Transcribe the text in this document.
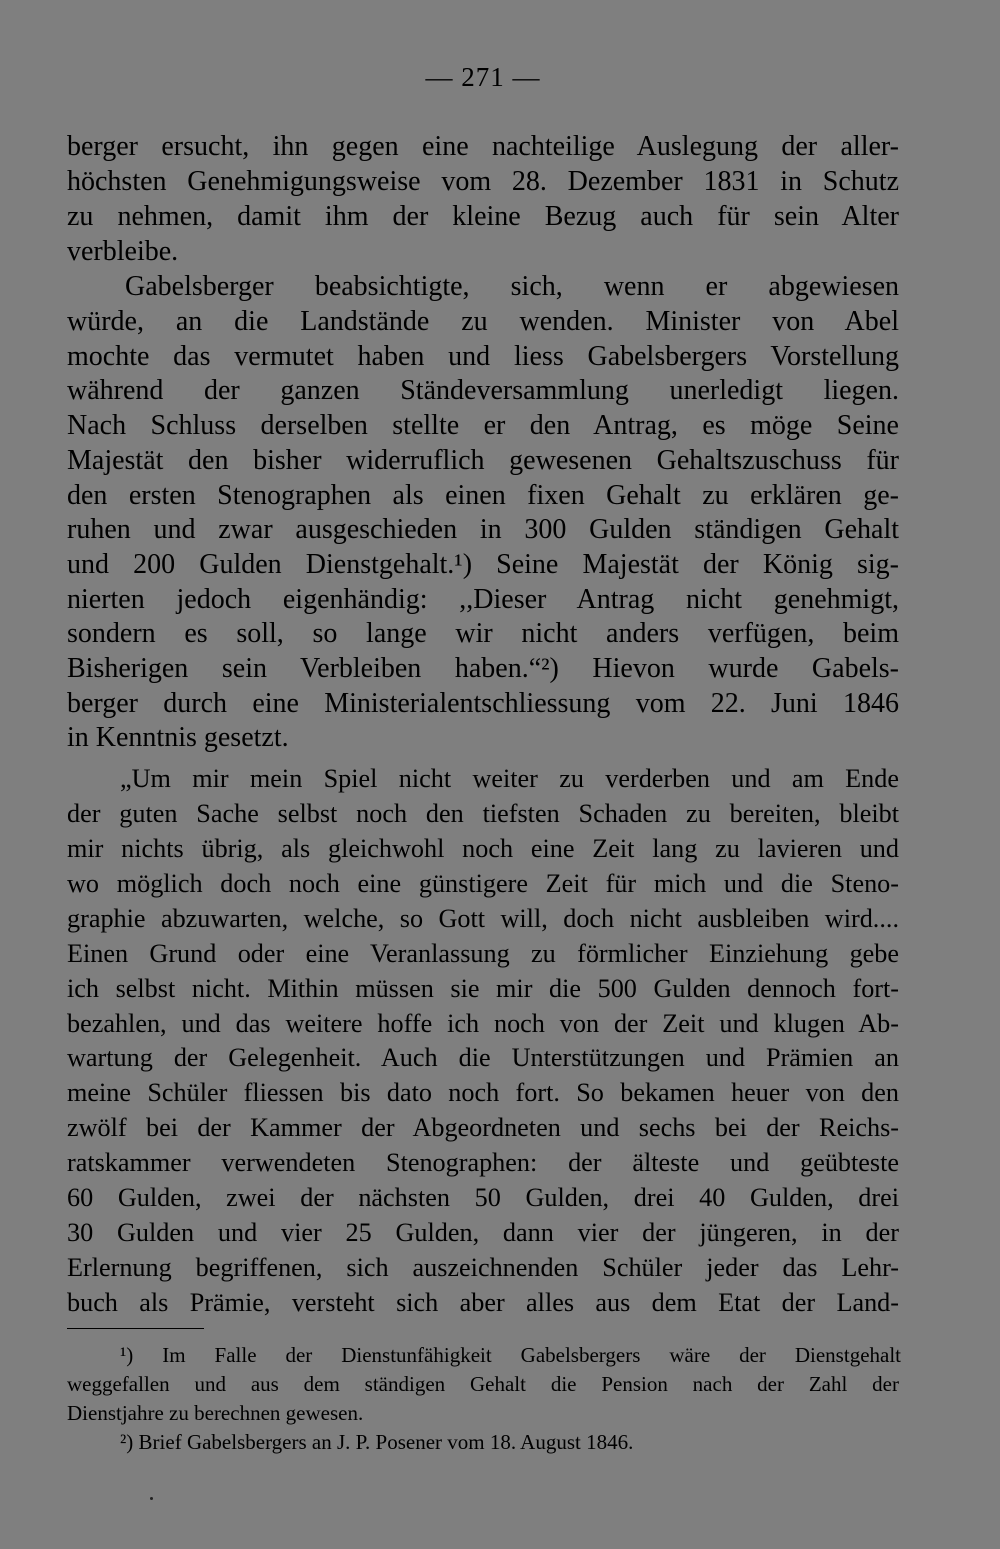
— 271 —
berger ersucht, ihn gegen eine nachteilige Auslegung der aller-
höchsten Genehmigungsweise vom 28. Dezember 1831 in Schutz
zu nehmen, damit ihm der kleine Bezug auch für sein Alter
verbleibe.
Gabelsberger beabsichtigte, sich, wenn er abgewiesen
würde, an die Landstände zu wenden. Minister von Abel
mochte das vermutet haben und liess Gabelsbergers Vorstellung
während der ganzen Ständeversammlung unerledigt liegen.
Nach Schluss derselben stellte er den Antrag, es möge Seine
Majestät den bisher widerruflich gewesenen Gehaltszuschuss für
den ersten Stenographen als einen fixen Gehalt zu erklären ge-
ruhen und zwar ausgeschieden in 300 Gulden ständigen Gehalt
und 200 Gulden Dienstgehalt.¹) Seine Majestät der König sig-
nierten jedoch eigenhändig: ,,Dieser Antrag nicht genehmigt,
sondern es soll, so lange wir nicht anders verfügen, beim
Bisherigen sein Verbleiben haben.“²) Hievon wurde Gabels-
berger durch eine Ministerialentschliessung vom 22. Juni 1846
in Kenntnis gesetzt.
„Um mir mein Spiel nicht weiter zu verderben und am Ende
der guten Sache selbst noch den tiefsten Schaden zu bereiten, bleibt
mir nichts übrig, als gleichwohl noch eine Zeit lang zu lavieren und
wo möglich doch noch eine günstigere Zeit für mich und die Steno-
graphie abzuwarten, welche, so Gott will, doch nicht ausbleiben wird....
Einen Grund oder eine Veranlassung zu förmlicher Einziehung gebe
ich selbst nicht. Mithin müssen sie mir die 500 Gulden dennoch fort-
bezahlen, und das weitere hoffe ich noch von der Zeit und klugen Ab-
wartung der Gelegenheit. Auch die Unterstützungen und Prämien an
meine Schüler fliessen bis dato noch fort. So bekamen heuer von den
zwölf bei der Kammer der Abgeordneten und sechs bei der Reichs-
ratskammer verwendeten Stenographen: der älteste und geübteste
60 Gulden, zwei der nächsten 50 Gulden, drei 40 Gulden, drei
30 Gulden und vier 25 Gulden, dann vier der jüngeren, in der
Erlernung begriffenen, sich auszeichnenden Schüler jeder das Lehr-
buch als Prämie, versteht sich aber alles aus dem Etat der Land-
¹) Im Falle der Dienstunfähigkeit Gabelsbergers wäre der Dienstgehalt
weggefallen und aus dem ständigen Gehalt die Pension nach der Zahl der
Dienstjahre zu berechnen gewesen.
²) Brief Gabelsbergers an J. P. Posener vom 18. August 1846.
